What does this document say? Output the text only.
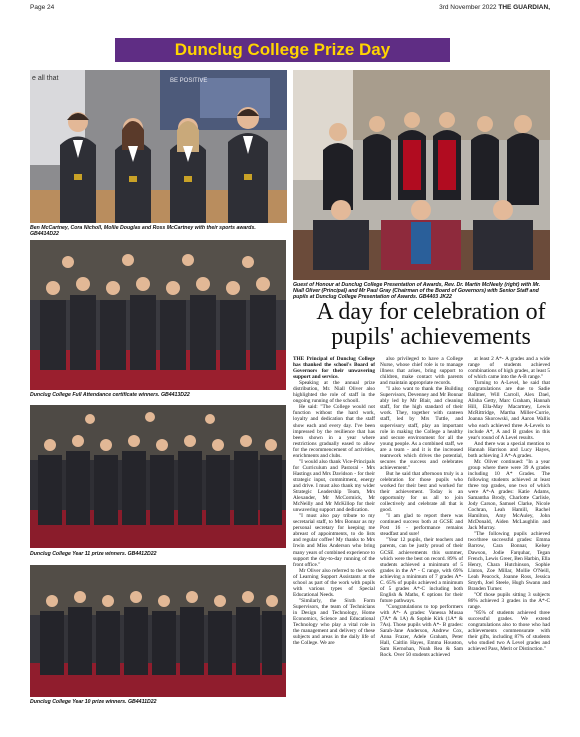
Page 24	3rd November 2022 THE GUARDIAN,
Dunclug College Prize Day
e all that	BE POSITIVE
Ben McCartney, Cora Nicholl, Mollie Douglas and Ross McCartney with their sports awards. GB4414D22
Guest of Honour at Dunclug College Presentation of Awards, Rev. Dr. Martin McNeely (right) with Mr. Niall Oliver (Principal) and Mr Paul Gray (Chairman of the Board of Governors) with Senior Staff and pupils at Dunclug College Presentation of Awards. GB4403 JK22
Dunclug College Full Attendance certificate winners. GB4413D22
Dunclug College Year 11 prize winners. GB4412D22
Dunclug College Year 10 prize winners. GB4411D22
A day for celebration of pupils' achievements

THE Principal of Dunclug College has thanked the school's Board of Governors for their unwavering support and service.

Speaking at the annual prize distribution, Mr. Niall Oliver also highlighted the role of staff in the ongoing running of the schooll.

He said: "The College would not function without the hard work, loyalty and dedication that the staff show each and every day. I've been impressed by the resilience that has been shown in a year where restrictions gradually eased to allow for the recommencement of activities, enrichments and clubs.

"I would also thank Vice-Principals for Curriculum and Pastoral - Mrs Hastings and Mrs Davidson - for their strategic input, commitment, energy and drive. I must also thank my wider Strategic Leadership Team, Mrs Alexander, Mr McCormick, Mr McNeilly and Mr McKillop for their unwavering support and dedication.

"I must also pay tribute to my secretarial staff, to Mrs Bonnar as my personal secretary for keeping me abreast of appointments, to do lists and regular coffee! My thanks to Mrs Irwin and Miss Anderson who bring many years of combined experience to support the day-to-day running of the front office."

Mr Oliver also referred to the work of Learning Support Assistants at the school as part of the work with pupils with various types of Special Educational Needs.

"Similarly, the Sixth Form Supervisors, the team of Technicians in Design and Technology, Home Economics, Science and Educational Technology who play a vital role in the management and delivery of these subjects and areas in the daily life of the College. We are

also privileged to have a College Nurse, whose chief role is to manage illness that arises, bring support to children, make contact with parents and maintain appropriate records.

"I also want to thank the Building Supervisors, Devenney and Mr Bonnar ably led by Mr Blair, and cleaning staff, for the high standard of their work. They, together with canteen staff, led by Mrs Tuttle, and supervisory staff, play an important role in making the College a healthy and secure environment for all the young people. As a combined staff, we are a team - and it is the increased teamwork which drives the potential, secures the success and celebrates achievement."

But he said that afternoon truly is a celebration for those pupils who worked for their best and worked for their achievement. Today is an opportunity for us all to join collectively and celebrate all that is good.

"I am glad to report there was continued success both at GCSE and Post 16 - performance remains steadfast and sure!

"Year 12 pupils, their teachers and parents, can be justly proud of their GCSE achievements this summer, which were the best on record. 89% of students achieved a minimum of 5 grades in the A* - C range, with 69% achieving a minimum of 7 grades A*- C. 65% of pupils achieved a minimum of 5 grades A*-C including both English & Maths, € options for their future pathways.

"Congratulations to top performers with A*- A grades: Vanessa Musaa (7A* & 1A) & Sophie Kirk (1A* & 7As). Those pupils with A*- B grades: Sarah-Jane Anderson, Andrew Cox, Anna Frazer, Adele Graham, Peter Hall, Caitlin Hayes, Emma Houston, Sam Kernohan, Noah Rea & Sam Rock. Over 50 students achieved

at least 2 A*- A grades and a wide range of students achieved combinations of high grades, at least 5 of which came into the A-B range."

Turning to A-Level, he said that congratulations are due to Sadie Ballmer, Will Carroll, Alex Dael, Alisha Getty, Marc Graham, Hannah Hill, Ella-May Macartney, Lewis McRittridge, Martha Miller-Currie, Joanna Skorowski, and Aaron Wallis who each achieved three A-Levels to include A*, A and B grades in this year's round of A Level results.

And there was a special mention to Hannah Harrison and Lucy Hayes, both achieving 3 A*-A grades.

Mr. Oliver continued: "In a year group where there were 39 A grades including 10 A* Grades. The following students achieved at least three top grades, one two of which were A*-A grades: Katie Adams, Samantha Brody, Charlotte Carlisle, Jody Carson, Samuel Clarke, Nicole Cochran, Leah Hamill, Rachel Hamilton, Amy McAuley, John McDonald, Aiden McLaughlin and Jack Murray.

"The following pupils achieved two/three successful grades: Emma Barrow, Cara Bonnar, Kelsey Dawson, Jodie Farquhar, Tegan French, Lewis Greer, Ben Harbin, Ella Henry, Chara Hutchinson, Sophie Linton, Zoe Millar, Mollie O'Neill, Leah Peacock, Joanne Ross, Jessica Smyth, Joel Steele, Hugh Swann and Branden Turner.

"Of those pupils sitting 3 subjects 86% achieved 3 grades in the A*-C range.

"85% of students achieved three successful grades. We extend congratulations also to those who had achievements commensurate with their gifts, including 87% of students who studied two A Level grades and achieved Pass, Merit or Distinction."
